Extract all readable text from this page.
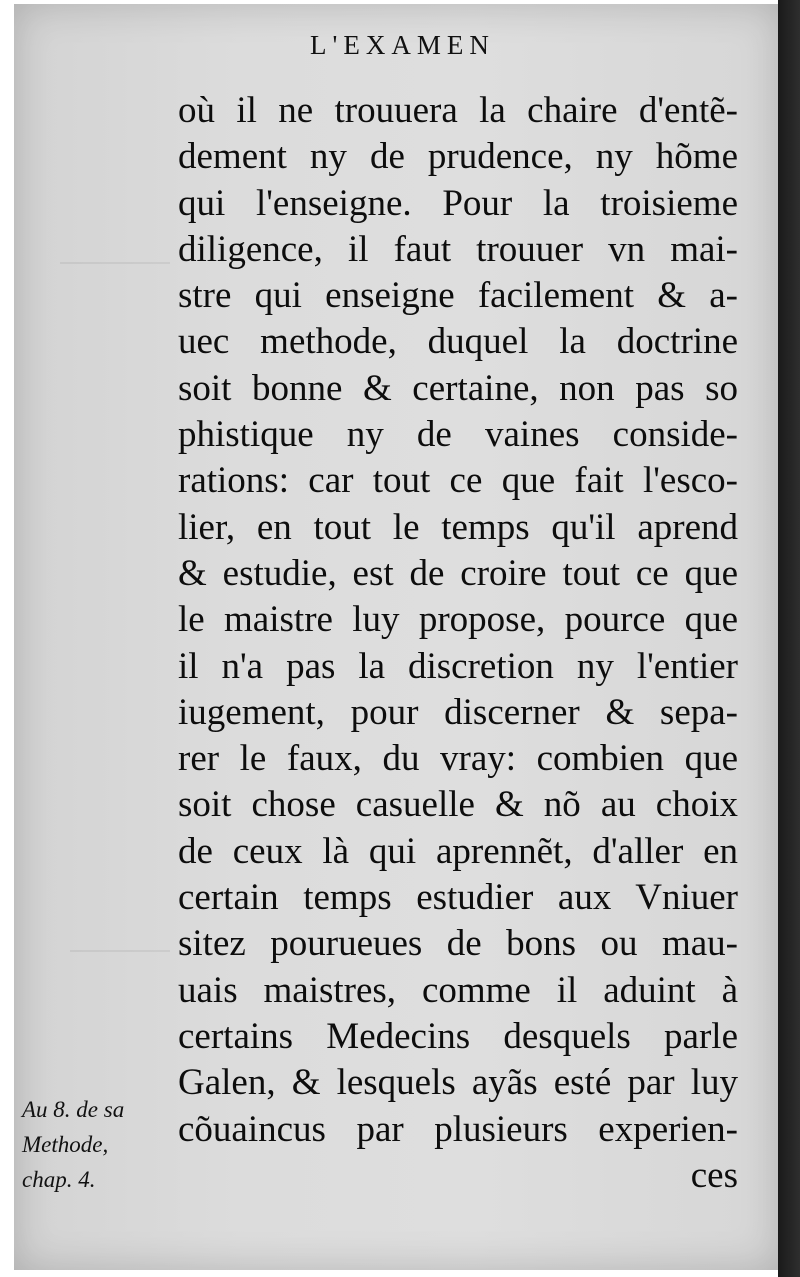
L'EXAMEN
où il ne trouuera la chaire d'entẽ-
dement ny de prudence, ny hõme
qui l'enseigne. Pour la troisieme
diligence, il faut trouuer vn mai-
stre qui enseigne facilement & a-
uec methode, duquel la doctrine
soit bonne & certaine, non pas so
phistique ny de vaines conside-
rations: car tout ce que fait l'esco-
lier, en tout le temps qu'il aprend
& estudie, est de croire tout ce que
le maistre luy propose, pource que
il n'a pas la discretion ny l'entier
iugement, pour discerner & sepa-
rer le faux, du vray: combien que
soit chose casuelle & nõ au choix
de ceux là qui aprennẽt, d'aller en
certain temps estudier aux Vniuer
sitez pourueues de bons ou mau-
uais maistres, comme il aduint à
certains Medecins desquels parle
Galen, & lesquels ayãs esté par luy
cõuaincus par plusieurs experien-
ces
Au 8. de sa
Methode,
chap. 4.
